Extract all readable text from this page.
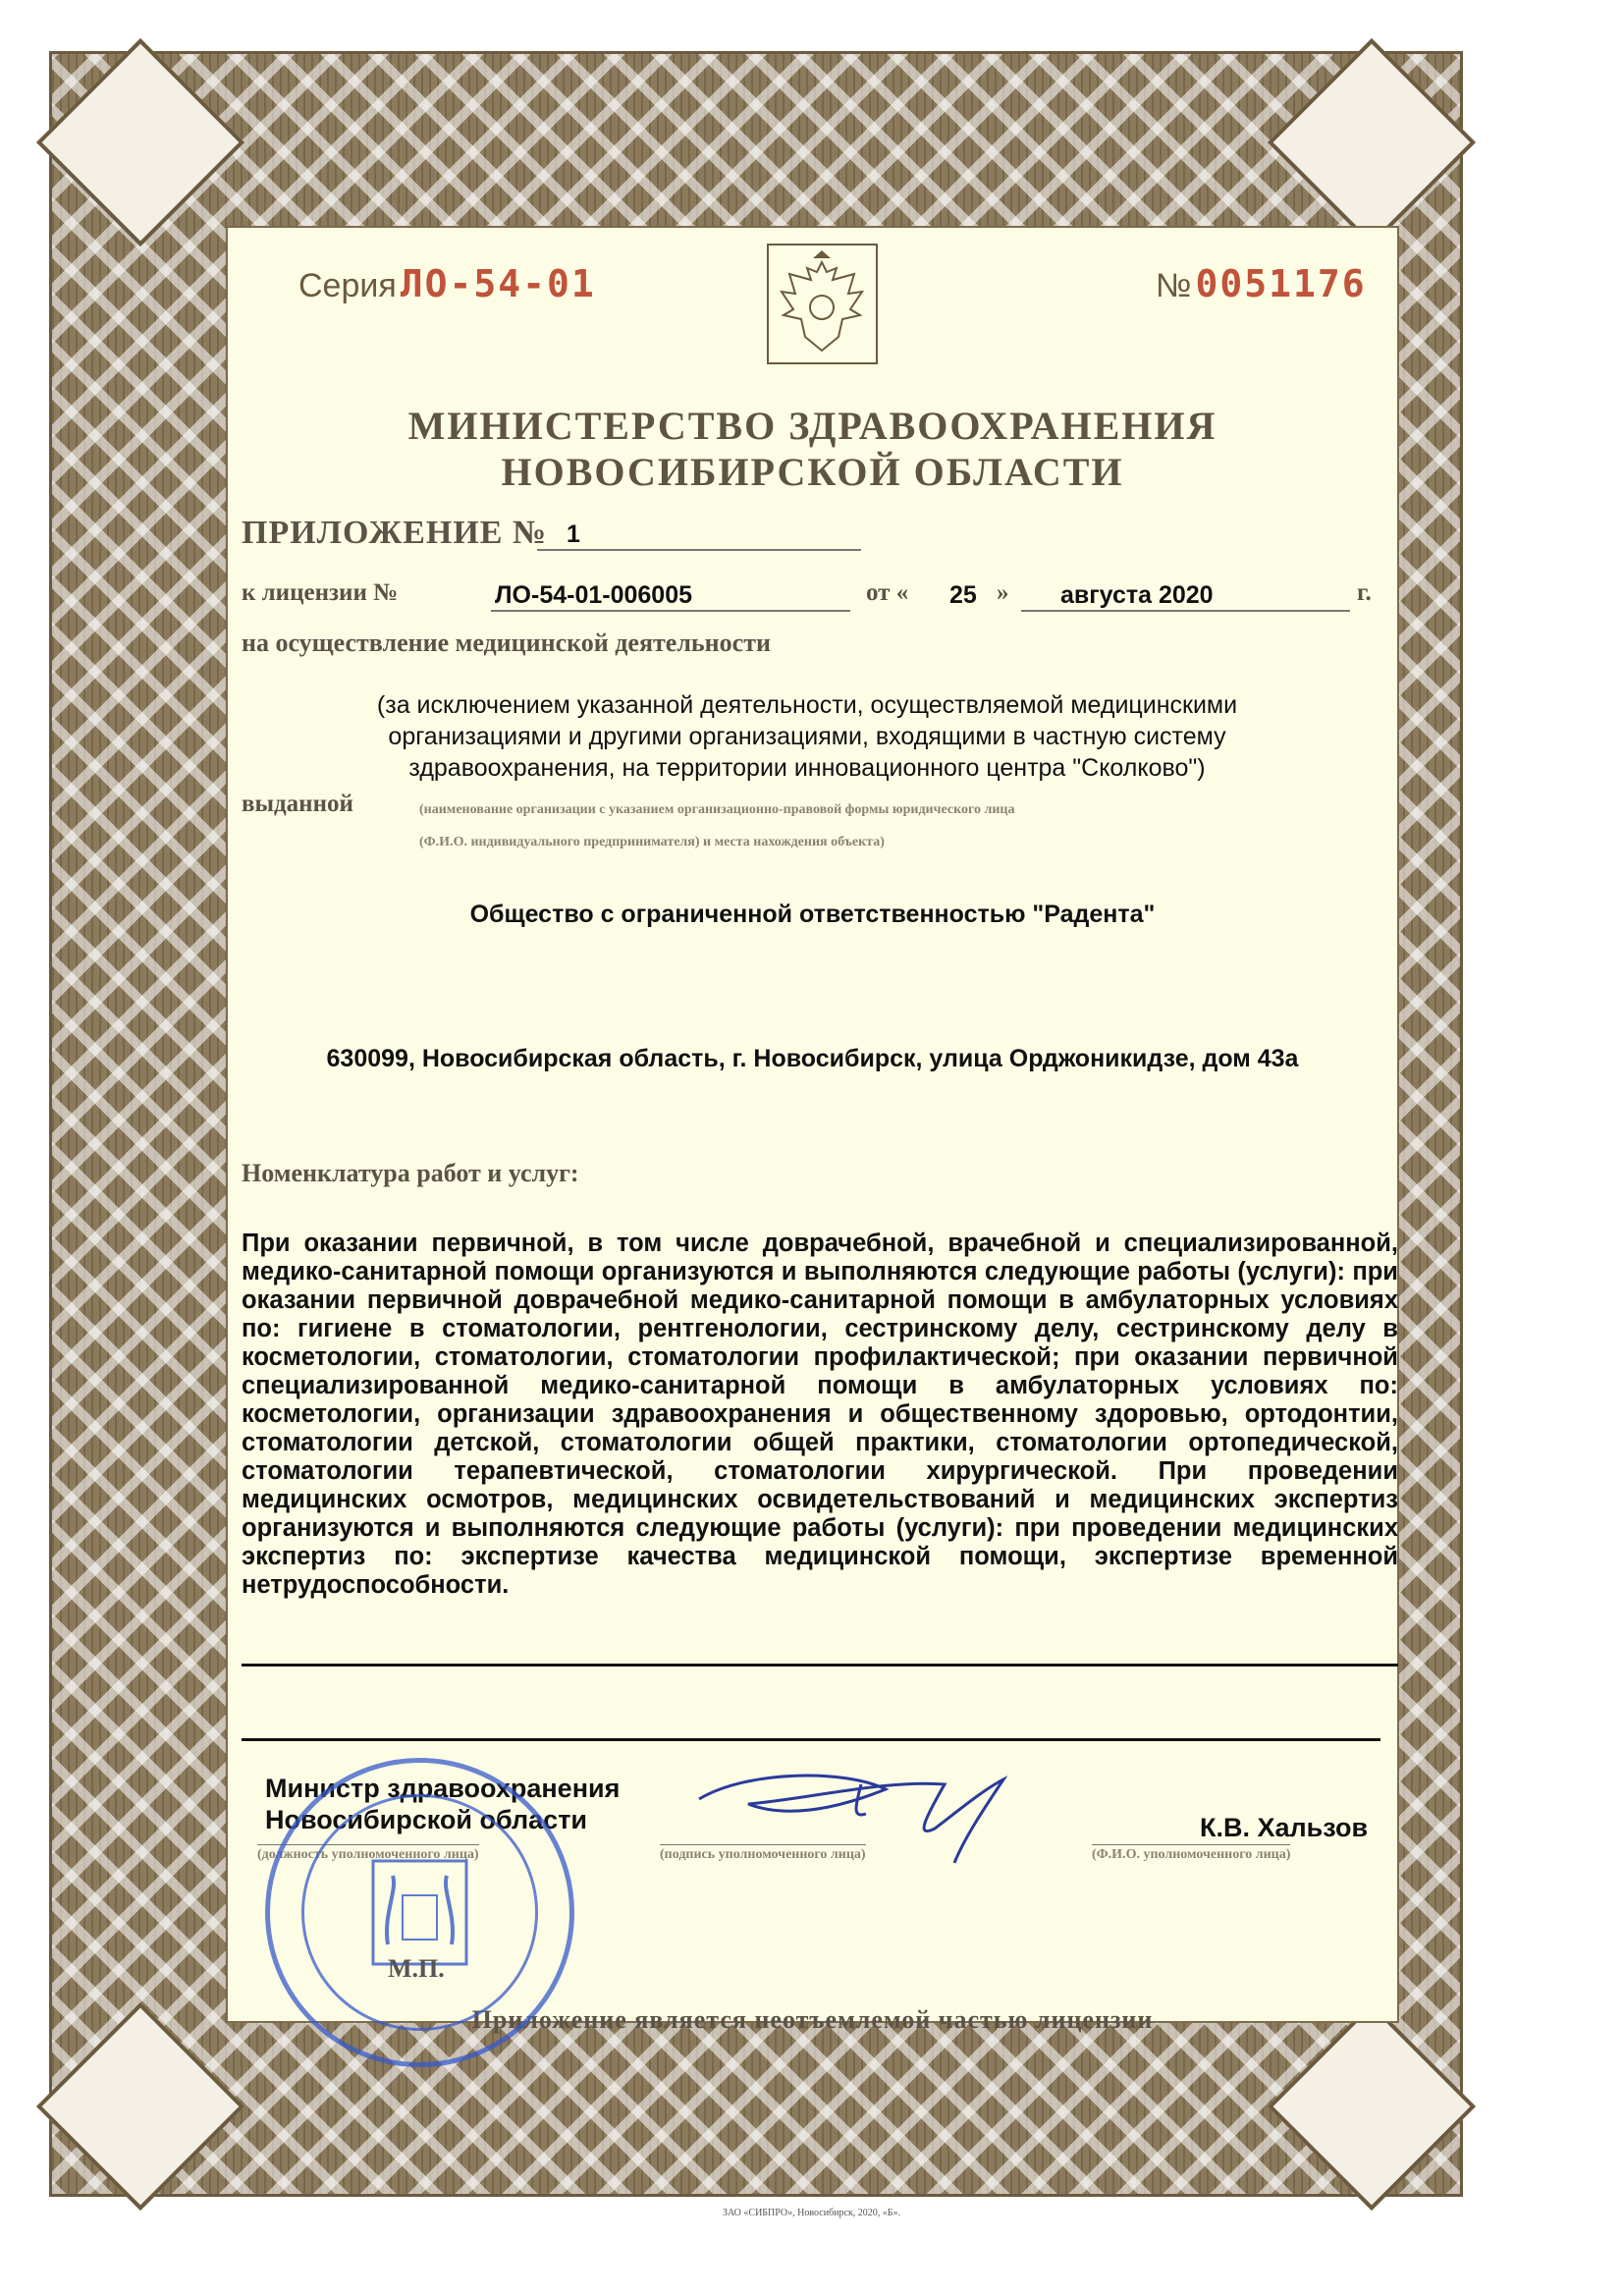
Серия ЛО-54-01	№ 0051176
МИНИСТЕРСТВО ЗДРАВООХРАНЕНИЯ
НОВОСИБИРСКОЙ ОБЛАСТИ
ПРИЛОЖЕНИЕ № 1
к лицензии №	ЛО-54-01-006005	от « 25 »	августа 2020	г.
на осуществление медицинской деятельности
(за исключением указанной деятельности, осуществляемой медицинскими
организациями и другими организациями, входящими в частную систему
здравоохранения, на территории инновационного центра "Сколково")
выданной	(наименование организации с указанием организационно-правовой формы юридического лица
(Ф.И.О. индивидуального предпринимателя) и места нахождения объекта)
Общество с ограниченной ответственностью "Радента"
630099, Новосибирская область, г. Новосибирск, улица Орджоникидзе, дом 43а
Номенклатура работ и услуг:
При оказании первичной, в том числе доврачебной, врачебной и специализированной, медико-санитарной помощи организуются и выполняются следующие работы (услуги): при оказании первичной доврачебной медико-санитарной помощи в амбулаторных условиях по: гигиене в стоматологии, рентгенологии, сестринскому делу, сестринскому делу в косметологии, стоматологии, стоматологии профилактической; при оказании первичной специализированной медико-санитарной помощи в амбулаторных условиях по: косметологии, организации здравоохранения и общественному здоровью, ортодонтии, стоматологии детской, стоматологии общей практики, стоматологии ортопедической, стоматологии терапевтической, стоматологии хирургической. При проведении медицинских осмотров, медицинских освидетельствований и медицинских экспертиз организуются и выполняются следующие работы (услуги): при проведении медицинских экспертиз по: экспертизе качества медицинской помощи, экспертизе временной нетрудоспособности.
Министр здравоохранения
Новосибирской области
(должность уполномоченного лица)	(подпись уполномоченного лица)
К.В. Хальзов
(Ф.И.О. уполномоченного лица)
Приложение является неотъемлемой частью лицензии
М.П.
ЗАО «СИБПРО», Новосибирск, 2020, «Б».
